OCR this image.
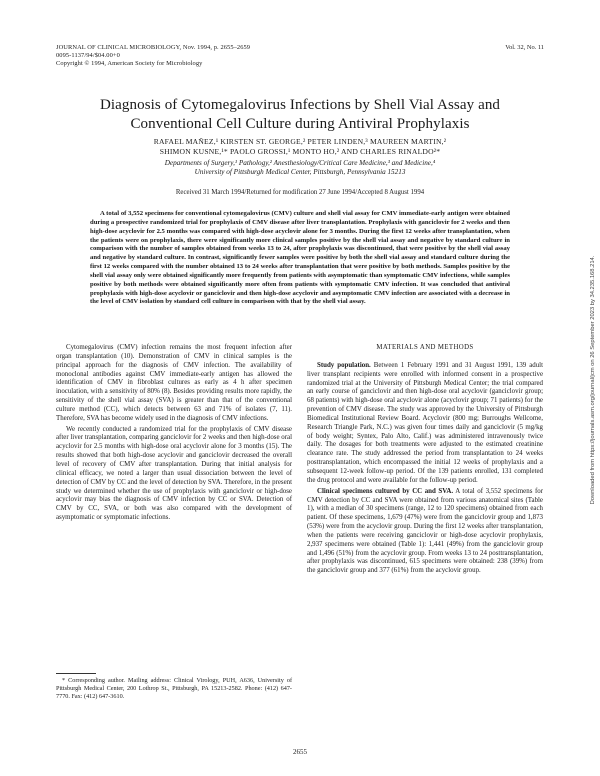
JOURNAL OF CLINICAL MICROBIOLOGY, Nov. 1994, p. 2655–2659
0095-1137/94/$04.00+0
Copyright © 1994, American Society for Microbiology
Vol. 32, No. 11
Diagnosis of Cytomegalovirus Infections by Shell Vial Assay and
Conventional Cell Culture during Antiviral Prophylaxis
RAFAEL MAÑEZ,¹ KIRSTEN ST. GEORGE,² PETER LINDEN,³ MAUREEN MARTIN,²
SHIMON KUSNE,¹* PAOLO GROSSI,¹ MONTO HO,² AND CHARLES RINALDO²*
Departments of Surgery,¹ Pathology,² Anesthesiology/Critical Care Medicine,³ and Medicine,⁴
University of Pittsburgh Medical Center, Pittsburgh, Pennsylvania 15213
Received 31 March 1994/Returned for modification 27 June 1994/Accepted 8 August 1994
A total of 3,552 specimens for conventional cytomegalovirus (CMV) culture and shell vial assay for CMV immediate-early antigen were obtained during a prospective randomized trial for prophylaxis of CMV disease after liver transplantation. Prophylaxis with ganciclovir for 2 weeks and then high-dose acyclovir for 2.5 months was compared with high-dose acyclovir alone for 3 months. During the first 12 weeks after transplantation, when the patients were on prophylaxis, there were significantly more clinical samples positive by the shell vial assay and negative by standard culture in comparison with the number of samples obtained from weeks 13 to 24, after prophylaxis was discontinued, that were positive by the shell vial assay and negative by standard culture. In contrast, significantly fewer samples were positive by both the shell vial assay and standard culture during the first 12 weeks compared with the number obtained 13 to 24 weeks after transplantation that were positive by both methods. Samples positive by the shell vial assay only were obtained significantly more frequently from patients with asymptomatic than symptomatic CMV infections, while samples positive by both methods were obtained significantly more often from patients with symptomatic CMV infection. It was concluded that antiviral prophylaxis with high-dose acyclovir or ganciclovir and then high-dose acyclovir and asymptomatic CMV infection are associated with a decrease in the level of CMV isolation by standard cell culture in comparison with that by the shell vial assay.

Cytomegalovirus (CMV) infection remains the most frequent infection after organ transplantation (10). Demonstration of CMV in clinical samples is the principal approach for the diagnosis of CMV infection. The availability of monoclonal antibodies against CMV immediate-early antigen has allowed the identification of CMV in fibroblast cultures as early as 4 h after specimen inoculation, with a sensitivity of 80% (8). Besides providing results more rapidly, the sensitivity of the shell vial assay (SVA) is greater than that of the conventional culture method (CC), which detects between 63 and 71% of isolates (7, 11). Therefore, SVA has become widely used in the diagnosis of CMV infections.

We recently conducted a randomized trial for the prophylaxis of CMV disease after liver transplantation, comparing ganciclovir for 2 weeks and then high-dose oral acyclovir for 2.5 months with high-dose oral acyclovir alone for 3 months (15). The results showed that both high-dose acyclovir and ganciclovir decreased the overall level of recovery of CMV after transplantation. During that initial analysis for clinical efficacy, we noted a larger than usual dissociation between the level of detection of CMV by CC and the level of detection by SVA. Therefore, in the present study we determined whether the use of prophylaxis with ganciclovir or high-dose acyclovir may bias the diagnosis of CMV infection by CC or SVA. Detection of CMV by CC, SVA, or both was also compared with the development of asymptomatic or symptomatic infections.

* Corresponding author. Mailing address: Clinical Virology, PUH, A636, University of Pittsburgh Medical Center, 200 Lothrop St., Pittsburgh, PA 15213-2582. Phone: (412) 647-7770. Fax: (412) 647-3610.

MATERIALS AND METHODS

Study population. Between 1 February 1991 and 31 August 1991, 139 adult liver transplant recipients were enrolled with informed consent in a prospective randomized trial at the University of Pittsburgh Medical Center; the trial compared an early course of ganciclovir and then high-dose oral acyclovir (ganciclovir group; 68 patients) with high-dose oral acyclovir alone (acyclovir group; 71 patients) for the prevention of CMV disease. The study was approved by the University of Pittsburgh Biomedical Institutional Review Board. Acyclovir (800 mg; Burroughs Wellcome, Research Triangle Park, N.C.) was given four times daily and ganciclovir (5 mg/kg of body weight; Syntex, Palo Alto, Calif.) was administered intravenously twice daily. The dosages for both treatments were adjusted to the estimated creatinine clearance rate. The study addressed the period from transplantation to 24 weeks posttransplantation, which encompassed the initial 12 weeks of prophylaxis and a subsequent 12-week follow-up period. Of the 139 patients enrolled, 131 completed the drug protocol and were available for the follow-up period.

Clinical specimens cultured by CC and SVA. A total of 3,552 specimens for CMV detection by CC and SVA were obtained from various anatomical sites (Table 1), with a median of 30 specimens (range, 12 to 120 specimens) obtained from each patient. Of these specimens, 1,679 (47%) were from the ganciclovir group and 1,873 (53%) were from the acyclovir group. During the first 12 weeks after transplantation, when the patients were receiving ganciclovir or high-dose acyclovir prophylaxis, 2,937 specimens were obtained (Table 1): 1,441 (49%) from the ganciclovir group and 1,496 (51%) from the acyclovir group. From weeks 13 to 24 posttransplantation, after prophylaxis was discontinued, 615 specimens were obtained: 238 (39%) from the ganciclovir group and 377 (61%) from the acyclovir group.

2655
Downloaded from https://journals.asm.org/journal/jcm on 26 September 2023 by 34.235.168.214.
